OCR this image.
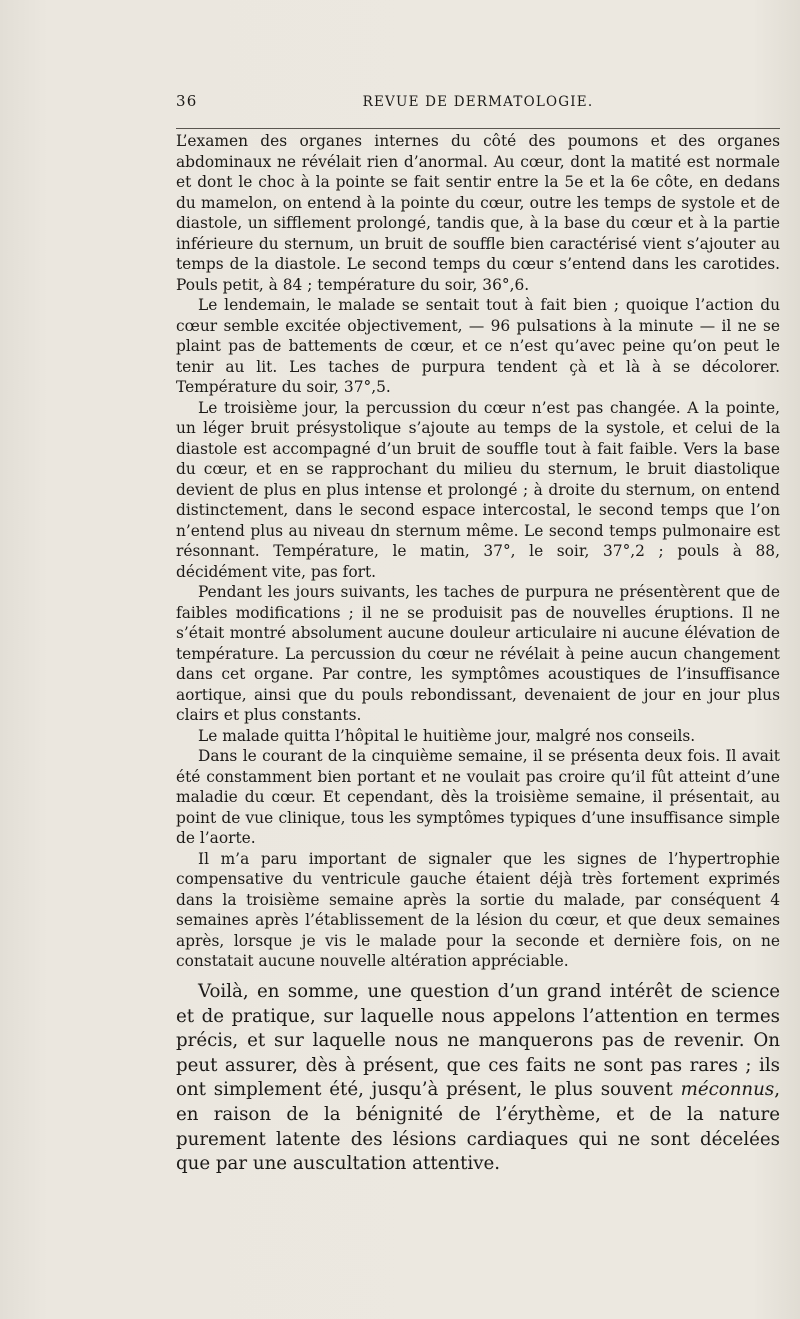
36	REVUE DE DERMATOLOGIE.

L’examen des organes internes du côté des poumons et des organes abdominaux ne révélait rien d’anormal. Au cœur, dont la matité est normale et dont le choc à la pointe se fait sentir entre la 5e et la 6e côte, en dedans du mamelon, on entend à la pointe du cœur, outre les temps de systole et de diastole, un sifflement prolongé, tandis que, à la base du cœur et à la partie inférieure du sternum, un bruit de souffle bien caractérisé vient s’ajouter au temps de la diastole. Le second temps du cœur s’entend dans les carotides. Pouls petit, à 84 ; température du soir, 36°,6.

Le lendemain, le malade se sentait tout à fait bien ; quoique l’action du cœur semble excitée objectivement, — 96 pulsations à la minute — il ne se plaint pas de battements de cœur, et ce n’est qu’avec peine qu’on peut le tenir au lit. Les taches de purpura tendent çà et là à se décolorer. Température du soir, 37°,5.

Le troisième jour, la percussion du cœur n’est pas changée. A la pointe, un léger bruit présystolique s’ajoute au temps de la systole, et celui de la diastole est accompagné d’un bruit de souffle tout à fait faible. Vers la base du cœur, et en se rapprochant du milieu du sternum, le bruit diastolique devient de plus en plus intense et prolongé ; à droite du sternum, on entend distinctement, dans le second espace intercostal, le second temps que l’on n’entend plus au niveau dn sternum même. Le second temps pulmonaire est résonnant. Température, le matin, 37°, le soir, 37°,2 ; pouls à 88, décidément vite, pas fort.

Pendant les jours suivants, les taches de purpura ne présentèrent que de faibles modifications ; il ne se produisit pas de nouvelles éruptions. Il ne s’était montré absolument aucune douleur articulaire ni aucune élévation de température. La percussion du cœur ne révélait à peine aucun changement dans cet organe. Par contre, les symptômes acoustiques de l’insuffisance aortique, ainsi que du pouls rebondissant, devenaient de jour en jour plus clairs et plus constants.

Le malade quitta l’hôpital le huitième jour, malgré nos conseils.

Dans le courant de la cinquième semaine, il se présenta deux fois. Il avait été constamment bien portant et ne voulait pas croire qu’il fût atteint d’une maladie du cœur. Et cependant, dès la troisième semaine, il présentait, au point de vue clinique, tous les symptômes typiques d’une insuffisance simple de l’aorte.

Il m’a paru important de signaler que les signes de l’hypertrophie compensative du ventricule gauche étaient déjà très fortement exprimés dans la troisième semaine après la sortie du malade, par conséquent 4 semaines après l’établissement de la lésion du cœur, et que deux semaines après, lorsque je vis le malade pour la seconde et dernière fois, on ne constatait aucune nouvelle altération appréciable.

Voilà, en somme, une question d’un grand intérêt de science et de pratique, sur laquelle nous appelons l’attention en termes précis, et sur laquelle nous ne manquerons pas de revenir. On peut assurer, dès à présent, que ces faits ne sont pas rares ; ils ont simplement été, jusqu’à présent, le plus souvent méconnus, en raison de la bénignité de l’érythème, et de la nature purement latente des lésions cardiaques qui ne sont décelées que par une auscultation attentive.
